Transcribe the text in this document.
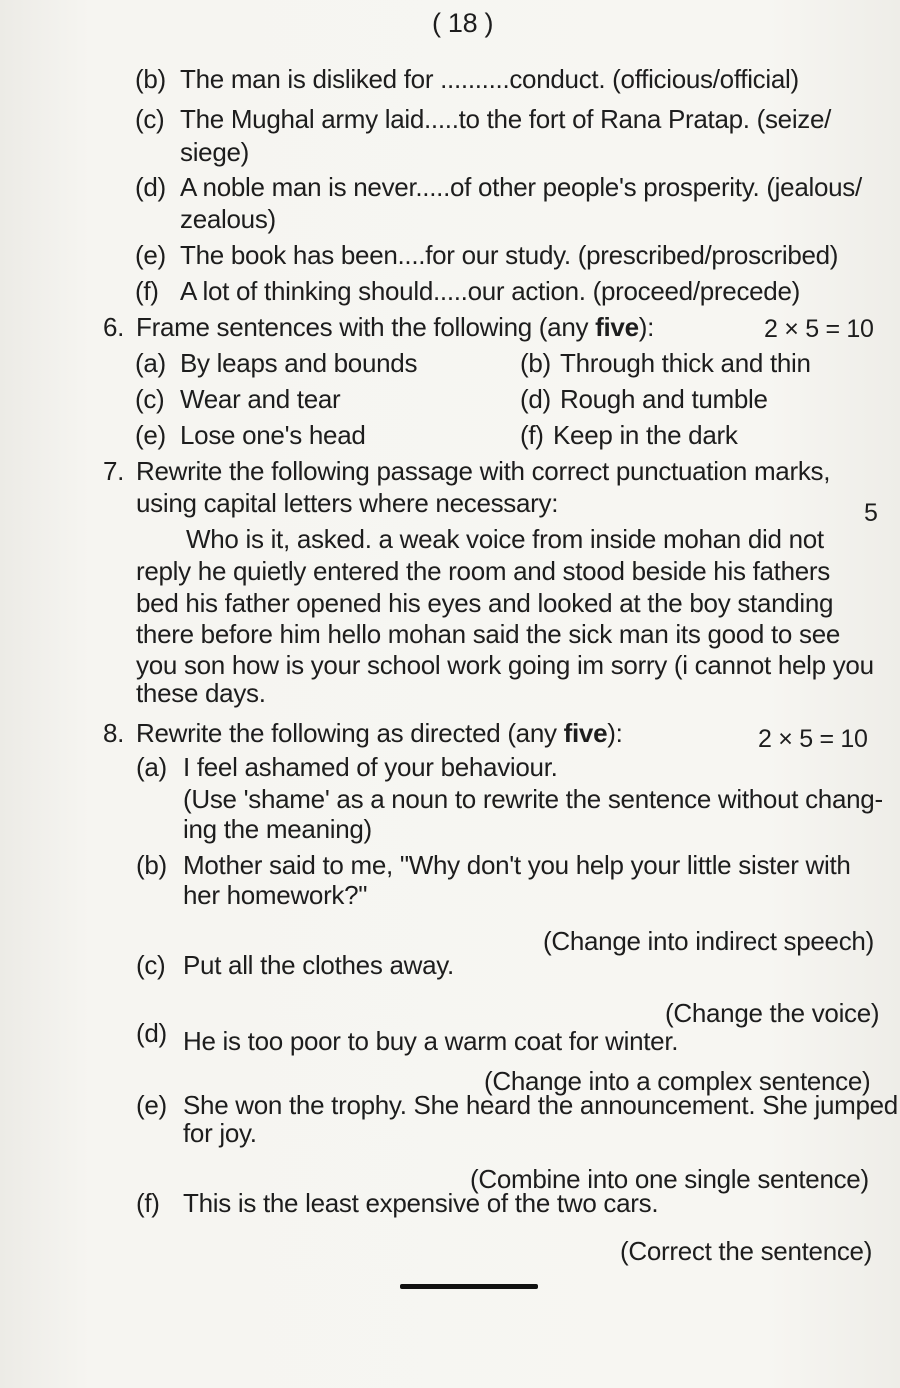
( 18 )
(b) The man is disliked for ..........conduct. (officious/official)
(c) The Mughal army laid.....to the fort of Rana Pratap. (seize/
siege)
(d) A noble man is never.....of other people's prosperity. (jealous/
zealous)
(e) The book has been....for our study. (prescribed/proscribed)
(f) A lot of thinking should.....our action. (proceed/precede)
6. Frame sentences with the following (any five):	2 × 5 = 10
(a) By leaps and bounds	(b) Through thick and thin
(c) Wear and tear	(d) Rough and tumble
(e) Lose one's head	(f) Keep in the dark
7. Rewrite the following passage with correct punctuation marks,
using capital letters where necessary:	5
Who is it, asked. a weak voice from inside mohan did not
reply he quietly entered the room and stood beside his fathers
bed his father opened his eyes and looked at the boy standing
there before him hello mohan said the sick man its good to see
you son how is your school work going im sorry (i cannot help you
these days.
8. Rewrite the following as directed (any five):	2 × 5 = 10
(a) I feel ashamed of your behaviour.
(Use 'shame' as a noun to rewrite the sentence without chang-
ing the meaning)
(b) Mother said to me, "Why don't you help your little sister with
her homework?"
(Change into indirect speech)
(c) Put all the clothes away.
(Change the voice)
(d) He is too poor to buy a warm coat for winter.
(Change into a complex sentence)
(e) She won the trophy. She heard the announcement. She jumped
for joy.
(Combine into one single sentence)
(f) This is the least expensive of the two cars.
(Correct the sentence)
